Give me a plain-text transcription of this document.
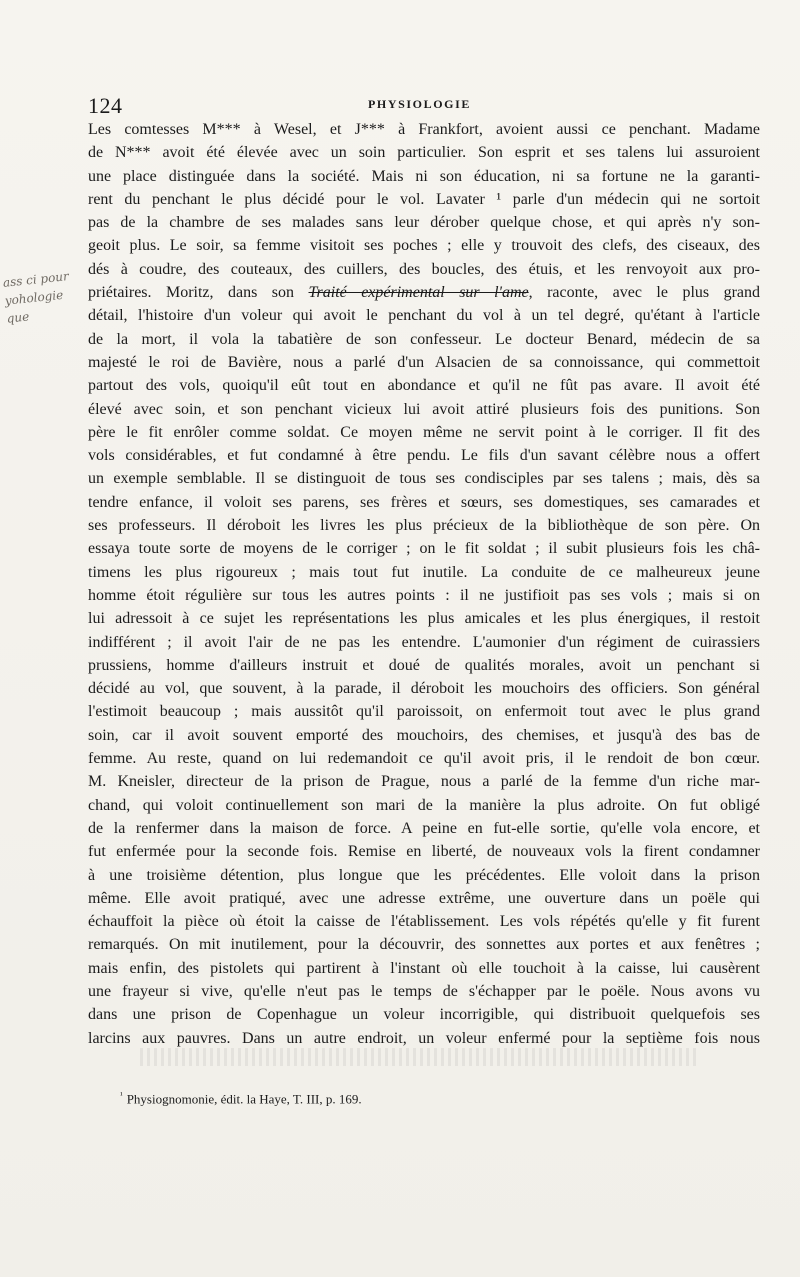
124	PHYSIOLOGIE
ass ci pour
yohologie
que
Les comtesses M*** à Wesel, et J*** à Frankfort, avoient aussi ce penchant. Madame
de N*** avoit été élevée avec un soin particulier. Son esprit et ses talens lui assuroient
une place distinguée dans la société. Mais ni son éducation, ni sa fortune ne la garanti-
rent du penchant le plus décidé pour le vol. Lavater ¹ parle d'un médecin qui ne sortoit
pas de la chambre de ses malades sans leur dérober quelque chose, et qui après n'y son-
geoit plus. Le soir, sa femme visitoit ses poches ; elle y trouvoit des clefs, des ciseaux, des
dés à coudre, des couteaux, des cuillers, des boucles, des étuis, et les renvoyoit aux pro-
priétaires. Moritz, dans son Traité expérimental sur l'ame, raconte, avec le plus grand
détail, l'histoire d'un voleur qui avoit le penchant du vol à un tel degré, qu'étant à l'article
de la mort, il vola la tabatière de son confesseur. Le docteur Benard, médecin de sa
majesté le roi de Bavière, nous a parlé d'un Alsacien de sa connoissance, qui commettoit
partout des vols, quoiqu'il eût tout en abondance et qu'il ne fût pas avare. Il avoit été
élevé avec soin, et son penchant vicieux lui avoit attiré plusieurs fois des punitions. Son
père le fit enrôler comme soldat. Ce moyen même ne servit point à le corriger. Il fit des
vols considérables, et fut condamné à être pendu. Le fils d'un savant célèbre nous a offert
un exemple semblable. Il se distinguoit de tous ses condisciples par ses talens ; mais, dès sa
tendre enfance, il voloit ses parens, ses frères et sœurs, ses domestiques, ses camarades et
ses professeurs. Il déroboit les livres les plus précieux de la bibliothèque de son père. On
essaya toute sorte de moyens de le corriger ; on le fit soldat ; il subit plusieurs fois les châ-
timens les plus rigoureux ; mais tout fut inutile. La conduite de ce malheureux jeune
homme étoit régulière sur tous les autres points : il ne justifioit pas ses vols ; mais si on
lui adressoit à ce sujet les représentations les plus amicales et les plus énergiques, il restoit
indifférent ; il avoit l'air de ne pas les entendre. L'aumonier d'un régiment de cuirassiers
prussiens, homme d'ailleurs instruit et doué de qualités morales, avoit un penchant si
décidé au vol, que souvent, à la parade, il déroboit les mouchoirs des officiers. Son général
l'estimoit beaucoup ; mais aussitôt qu'il paroissoit, on enfermoit tout avec le plus grand
soin, car il avoit souvent emporté des mouchoirs, des chemises, et jusqu'à des bas de
femme. Au reste, quand on lui redemandoit ce qu'il avoit pris, il le rendoit de bon cœur.
M. Kneisler, directeur de la prison de Prague, nous a parlé de la femme d'un riche mar-
chand, qui voloit continuellement son mari de la manière la plus adroite. On fut obligé
de la renfermer dans la maison de force. A peine en fut-elle sortie, qu'elle vola encore, et
fut enfermée pour la seconde fois. Remise en liberté, de nouveaux vols la firent condamner
à une troisième détention, plus longue que les précédentes. Elle voloit dans la prison
même. Elle avoit pratiqué, avec une adresse extrême, une ouverture dans un poële qui
échauffoit la pièce où étoit la caisse de l'établissement. Les vols répétés qu'elle y fit furent
remarqués. On mit inutilement, pour la découvrir, des sonnettes aux portes et aux fenêtres ;
mais enfin, des pistolets qui partirent à l'instant où elle touchoit à la caisse, lui causèrent
une frayeur si vive, qu'elle n'eut pas le temps de s'échapper par le poële. Nous avons vu
dans une prison de Copenhague un voleur incorrigible, qui distribuoit quelquefois ses
larcins aux pauvres. Dans un autre endroit, un voleur enfermé pour la septième fois nous
$^{^1}$ Physiognomonie, édit. la Haye, T. III, p. 169.
